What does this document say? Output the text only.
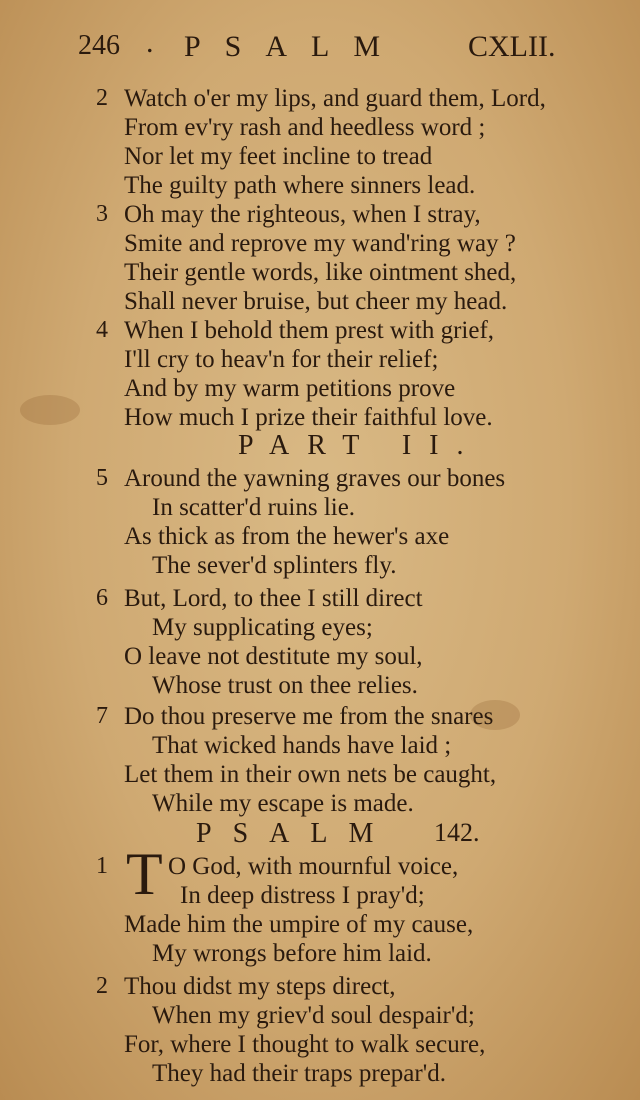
246 . PSALM CXLII.
2 Watch o'er my lips, and guard them, Lord,
From ev'ry rash and heedless word ;
Nor let my feet incline to tread
The guilty path where sinners lead.
3 Oh may the righteous, when I stray,
Smite and reprove my wand'ring way ?
Their gentle words, like ointment shed,
Shall never bruise, but cheer my head.
4 When I behold them prest with grief,
I'll cry to heav'n for their relief;
And by my warm petitions prove
How much I prize their faithful love.
PART II.
5 Around the yawning graves our bones
In scatter'd ruins lie.
As thick as from the hewer's axe
The sever'd splinters fly.
6 But, Lord, to thee I still direct
My supplicating eyes;
O leave not destitute my soul,
Whose trust on thee relies.
7 Do thou preserve me from the snares
That wicked hands have laid ;
Let them in their own nets be caught,
While my escape is made.
PSALM 142.
1 O God, with mournful voice,
In deep distress I pray'd;
Made him the umpire of my cause,
My wrongs before him laid.
T
2 Thou didst my steps direct,
When my griev'd soul despair'd;
For, where I thought to walk secure,
They had their traps prepar'd.
